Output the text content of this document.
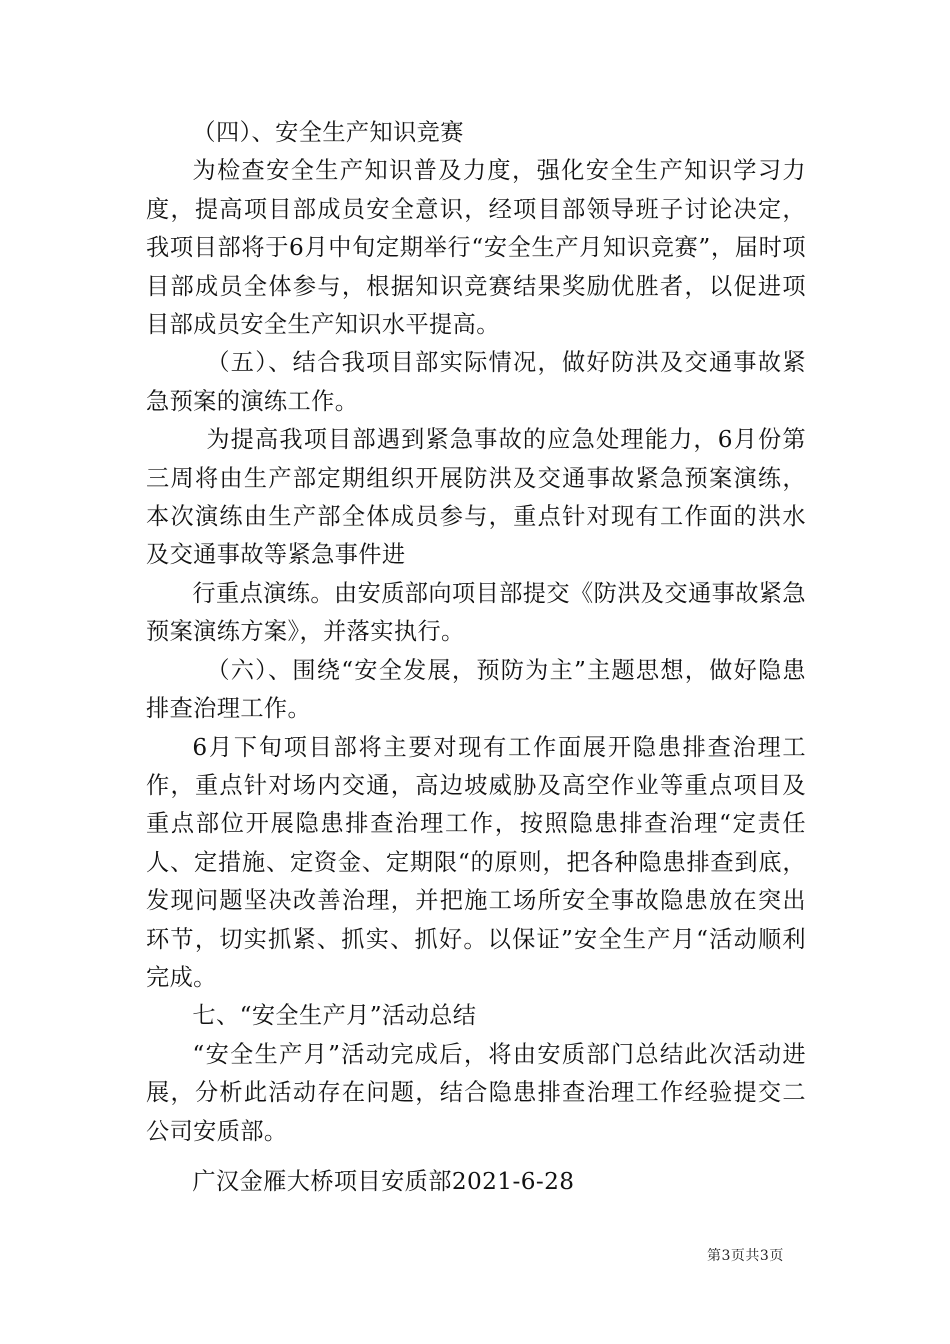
（四）、安全生产知识竞赛

为检查安全生产知识普及力度，强化安全生产知识学习力度，提高项目部成员安全意识，经项目部领导班子讨论决定，我项目部将于6月中旬定期举行“安全生产月知识竞赛”，届时项目部成员全体参与，根据知识竞赛结果奖励优胜者，以促进项目部成员安全生产知识水平提高。

（五）、结合我项目部实际情况，做好防洪及交通事故紧急预案的演练工作。

为提高我项目部遇到紧急事故的应急处理能力，6月份第三周将由生产部定期组织开展防洪及交通事故紧急预案演练，本次演练由生产部全体成员参与，重点针对现有工作面的洪水及交通事故等紧急事件进

行重点演练。由安质部向项目部提交《防洪及交通事故紧急预案演练方案》，并落实执行。

（六）、围绕“安全发展，预防为主”主题思想，做好隐患排查治理工作。

6月下旬项目部将主要对现有工作面展开隐患排查治理工作，重点针对场内交通，高边坡威胁及高空作业等重点项目及重点部位开展隐患排查治理工作，按照隐患排查治理“定责任人、定措施、定资金、定期限“的原则，把各种隐患排查到底，发现问题坚决改善治理，并把施工场所安全事故隐患放在突出环节，切实抓紧、抓实、抓好。以保证”安全生产月“活动顺利完成。

七、“安全生产月”活动总结

“安全生产月”活动完成后，将由安质部门总结此次活动进展，分析此活动存在问题，结合隐患排查治理工作经验提交二公司安质部。

广汉金雁大桥项目安质部2021-6-28

第3页共3页
